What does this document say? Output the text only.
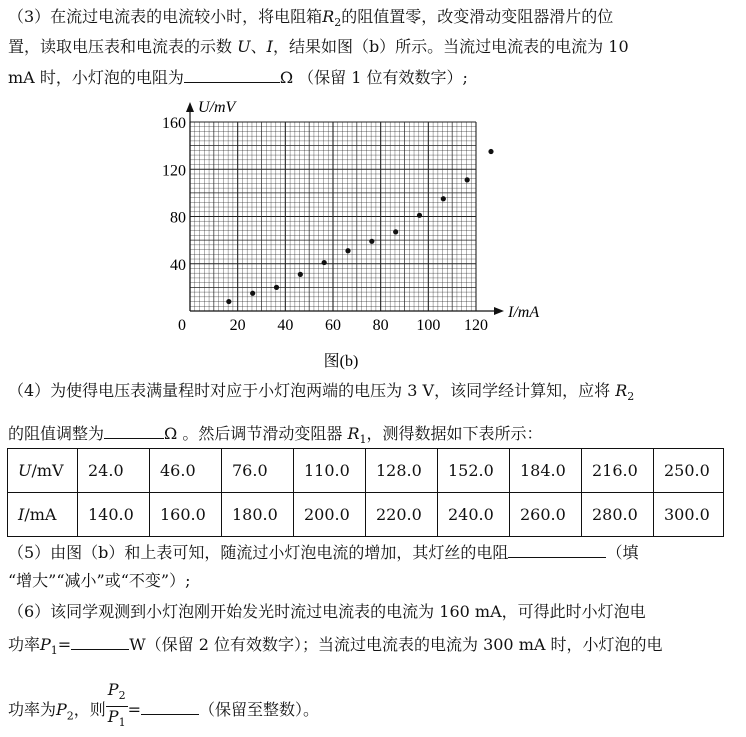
（3）在流过电流表的电流较小时，将电阻箱$R_2$的阻值置零，改变滑动变阻器滑片的位
置，读取电压表和电流表的示数 U、I，结果如图（b）所示。当流过电流表的电流为 10
mA 时，小灯泡的电阻为	Ω （保留 1 位有效数字）;
0	20 40 60 80 100 120
40
80
120
160
I/mA
U/mV
图(b)
（4）为使得电压表满量程时对应于小灯泡两端的电压为 3 V，该同学经计算知，应将 $R_2$
的阻值调整为	Ω 。然后调节滑动变阻器 $R_1$，测得数据如下表所示：
U/mV	24.0	46.0	76.0	110.0	128.0	152.0	184.0	216.0	250.0
I/mA	140.0	160.0	180.0	200.0	220.0	240.0	260.0	280.0	300.0
（5）由图（b）和上表可知，随流过小灯泡电流的增加，其灯丝的电阻	（填
“增大”“减小”或“不变”）;
（6）该同学观测到小灯泡刚开始发光时流过电流表的电流为 160 mA，可得此时小灯泡电
功率$P_1=$	W（保留 2 位有效数字）；当流过电流表的电流为 300 mA 时，小灯泡的电
功率为$P_2$，则 $\frac{P_2}{P_1}$ =	（保留至整数）。
